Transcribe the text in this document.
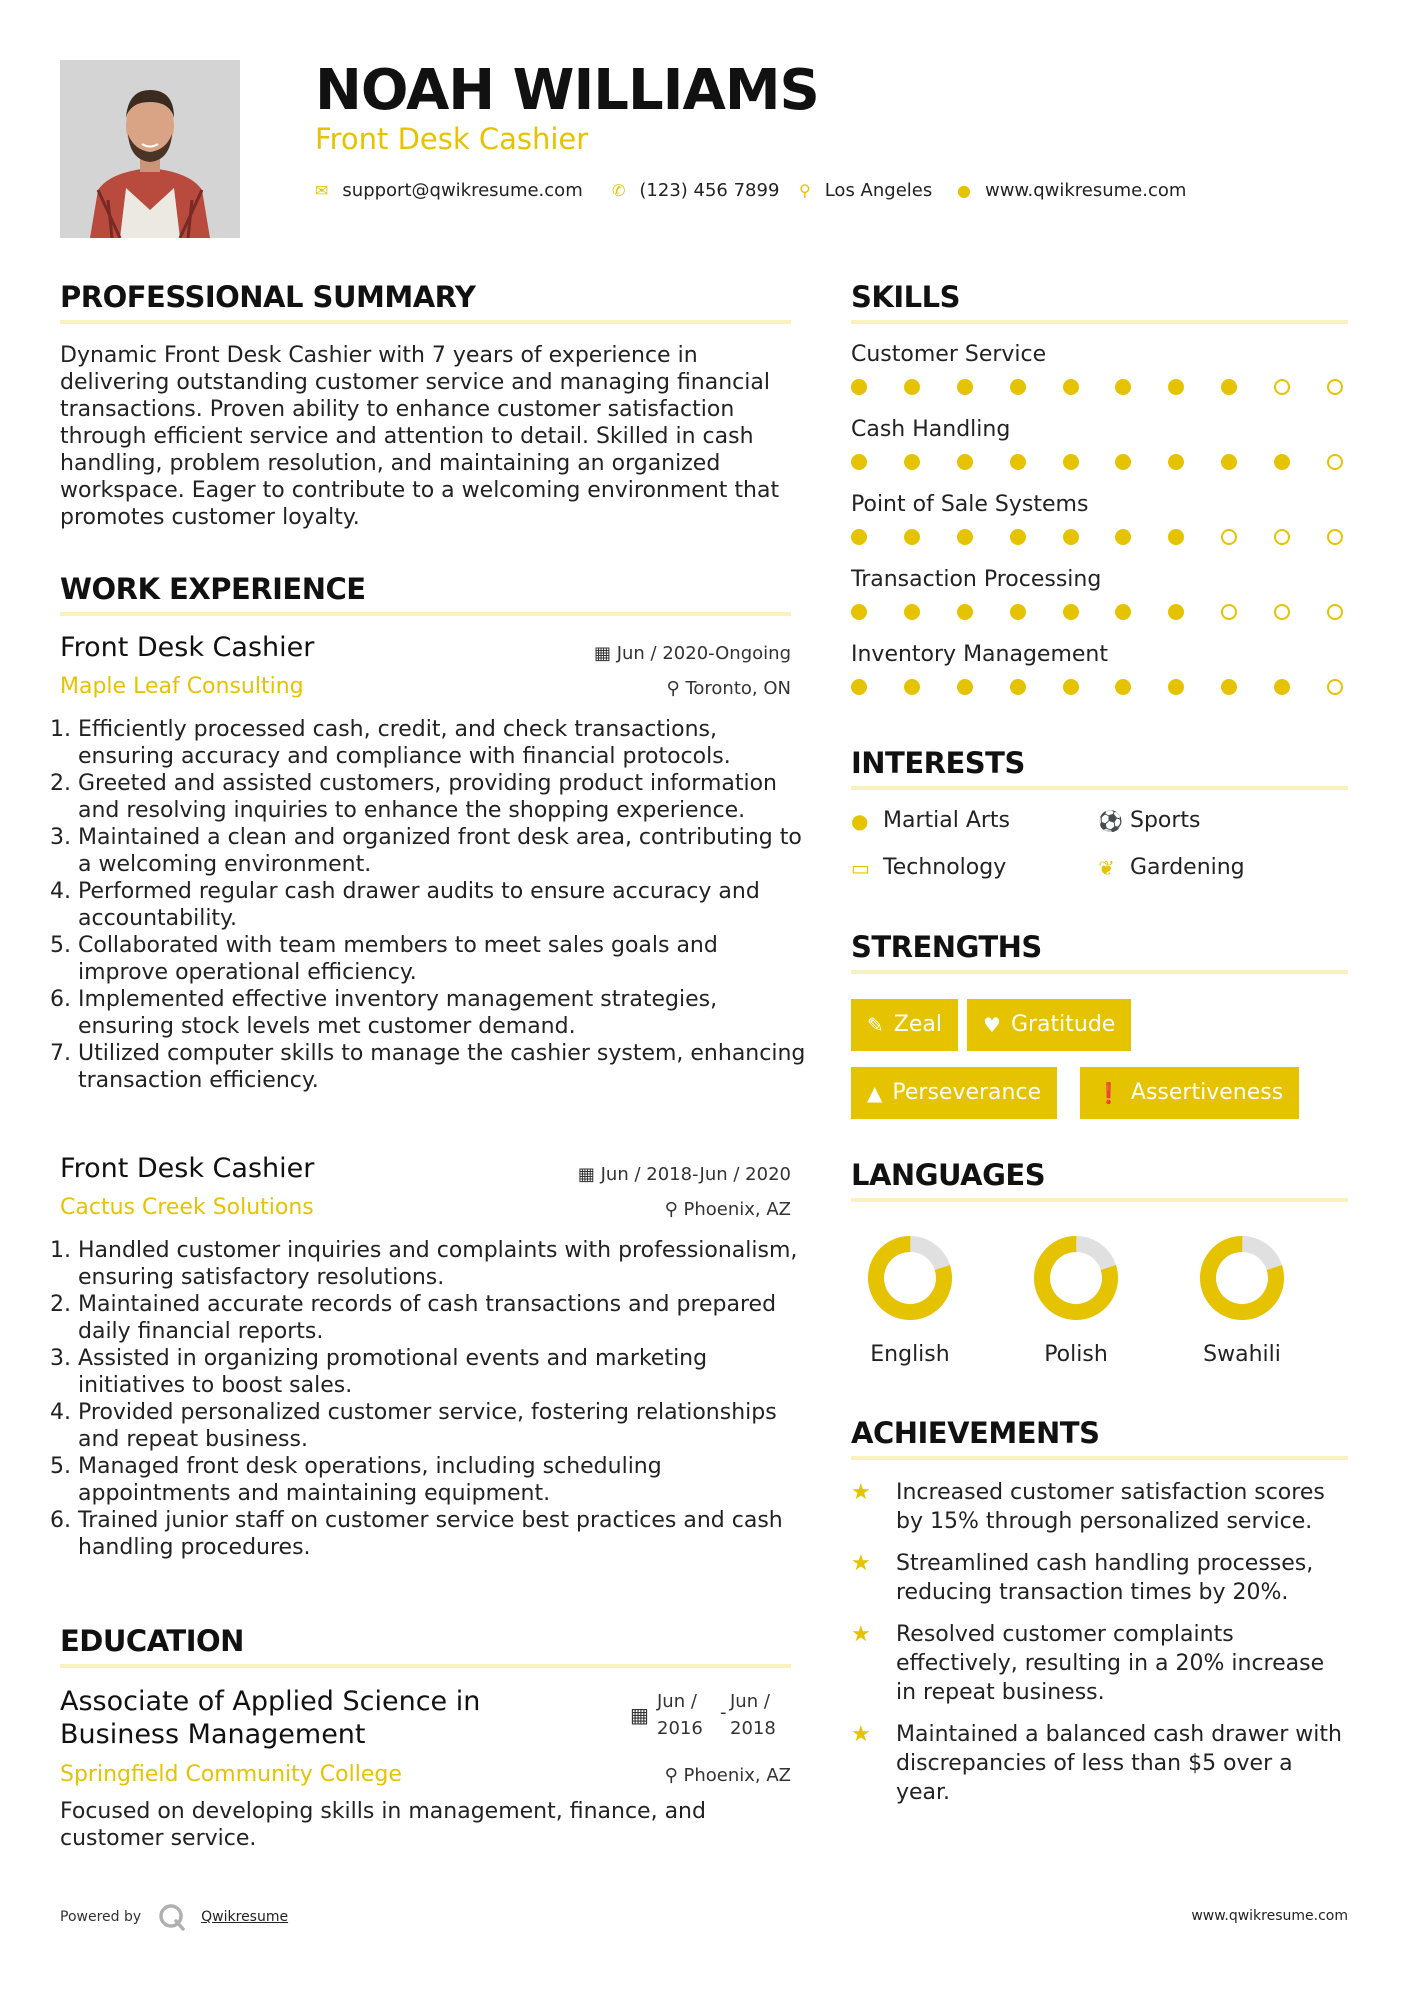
NOAH WILLIAMS
Front Desk Cashier
✉ support@qwikresume.com ✆ (123) 456 7899 ⚲ Los Angeles ● www.qwikresume.com
PROFESSIONAL SUMMARY
Dynamic Front Desk Cashier with 7 years of experience in delivering outstanding customer service and managing financial transactions. Proven ability to enhance customer satisfaction through efficient service and attention to detail. Skilled in cash handling, problem resolution, and maintaining an organized workspace. Eager to contribute to a welcoming environment that promotes customer loyalty.
WORK EXPERIENCE
Front Desk Cashier	▦ Jun / 2020-Ongoing
Maple Leaf Consulting	⚲ Toronto, ON
1. Efficiently processed cash, credit, and check transactions, ensuring accuracy and compliance with financial protocols.
2. Greeted and assisted customers, providing product information and resolving inquiries to enhance the shopping experience.
3. Maintained a clean and organized front desk area, contributing to a welcoming environment.
4. Performed regular cash drawer audits to ensure accuracy and accountability.
5. Collaborated with team members to meet sales goals and improve operational efficiency.
6. Implemented effective inventory management strategies, ensuring stock levels met customer demand.
7. Utilized computer skills to manage the cashier system, enhancing transaction efficiency.
Front Desk Cashier	▦ Jun / 2018-Jun / 2020
Cactus Creek Solutions	⚲ Phoenix, AZ
1. Handled customer inquiries and complaints with professionalism, ensuring satisfactory resolutions.
2. Maintained accurate records of cash transactions and prepared daily financial reports.
3. Assisted in organizing promotional events and marketing initiatives to boost sales.
4. Provided personalized customer service, fostering relationships and repeat business.
5. Managed front desk operations, including scheduling appointments and maintaining equipment.
6. Trained junior staff on customer service best practices and cash handling procedures.
EDUCATION
Associate of Applied Science in Business Management
▦
Jun /
2016
-
Jun /
2018
Springfield Community College	⚲ Phoenix, AZ
Focused on developing skills in management, finance, and customer service.
SKILLS
Customer Service
Cash Handling
Point of Sale Systems
Transaction Processing
Inventory Management
INTERESTS
● Martial Arts	⚽ Sports
▭ Technology	❦ Gardening
STRENGTHS
✎ Zeal ♥ Gratitude
▲ Perseverance	❗ Assertiveness
LANGUAGES
English	Polish	Swahili
ACHIEVEMENTS
★	Increased customer satisfaction scores by 15% through personalized service.
★	Streamlined cash handling processes, reducing transaction times by 20%.
★	Resolved customer complaints effectively, resulting in a 20% increase in repeat business.
★	Maintained a balanced cash drawer with discrepancies of less than $5 over a year.
Powered by	Qwikresume	www.qwikresume.com
